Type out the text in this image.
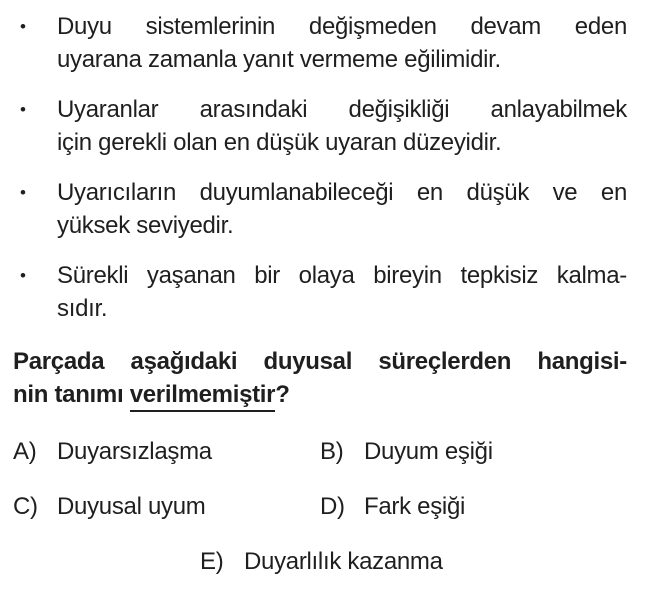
• Duyu sistemlerinin değişmeden devam eden
uyarana zamanla yanıt vermeme eğilimidir.
• Uyaranlar arasındaki değişikliği anlayabilmek
için gerekli olan en düşük uyaran düzeyidir.
• Uyarıcıların duyumlanabileceği en düşük ve en
yüksek seviyedir.
• Sürekli yaşanan bir olaya bireyin tepkisiz kalma-
sıdır.
Parçada aşağıdaki duyusal süreçlerden hangisi-
nin tanımı verilmemiştir?
A) Duyarsızlaşma	B) Duyum eşiği
C) Duyusal uyum	D) Fark eşiği
E) Duyarlılık kazanma
